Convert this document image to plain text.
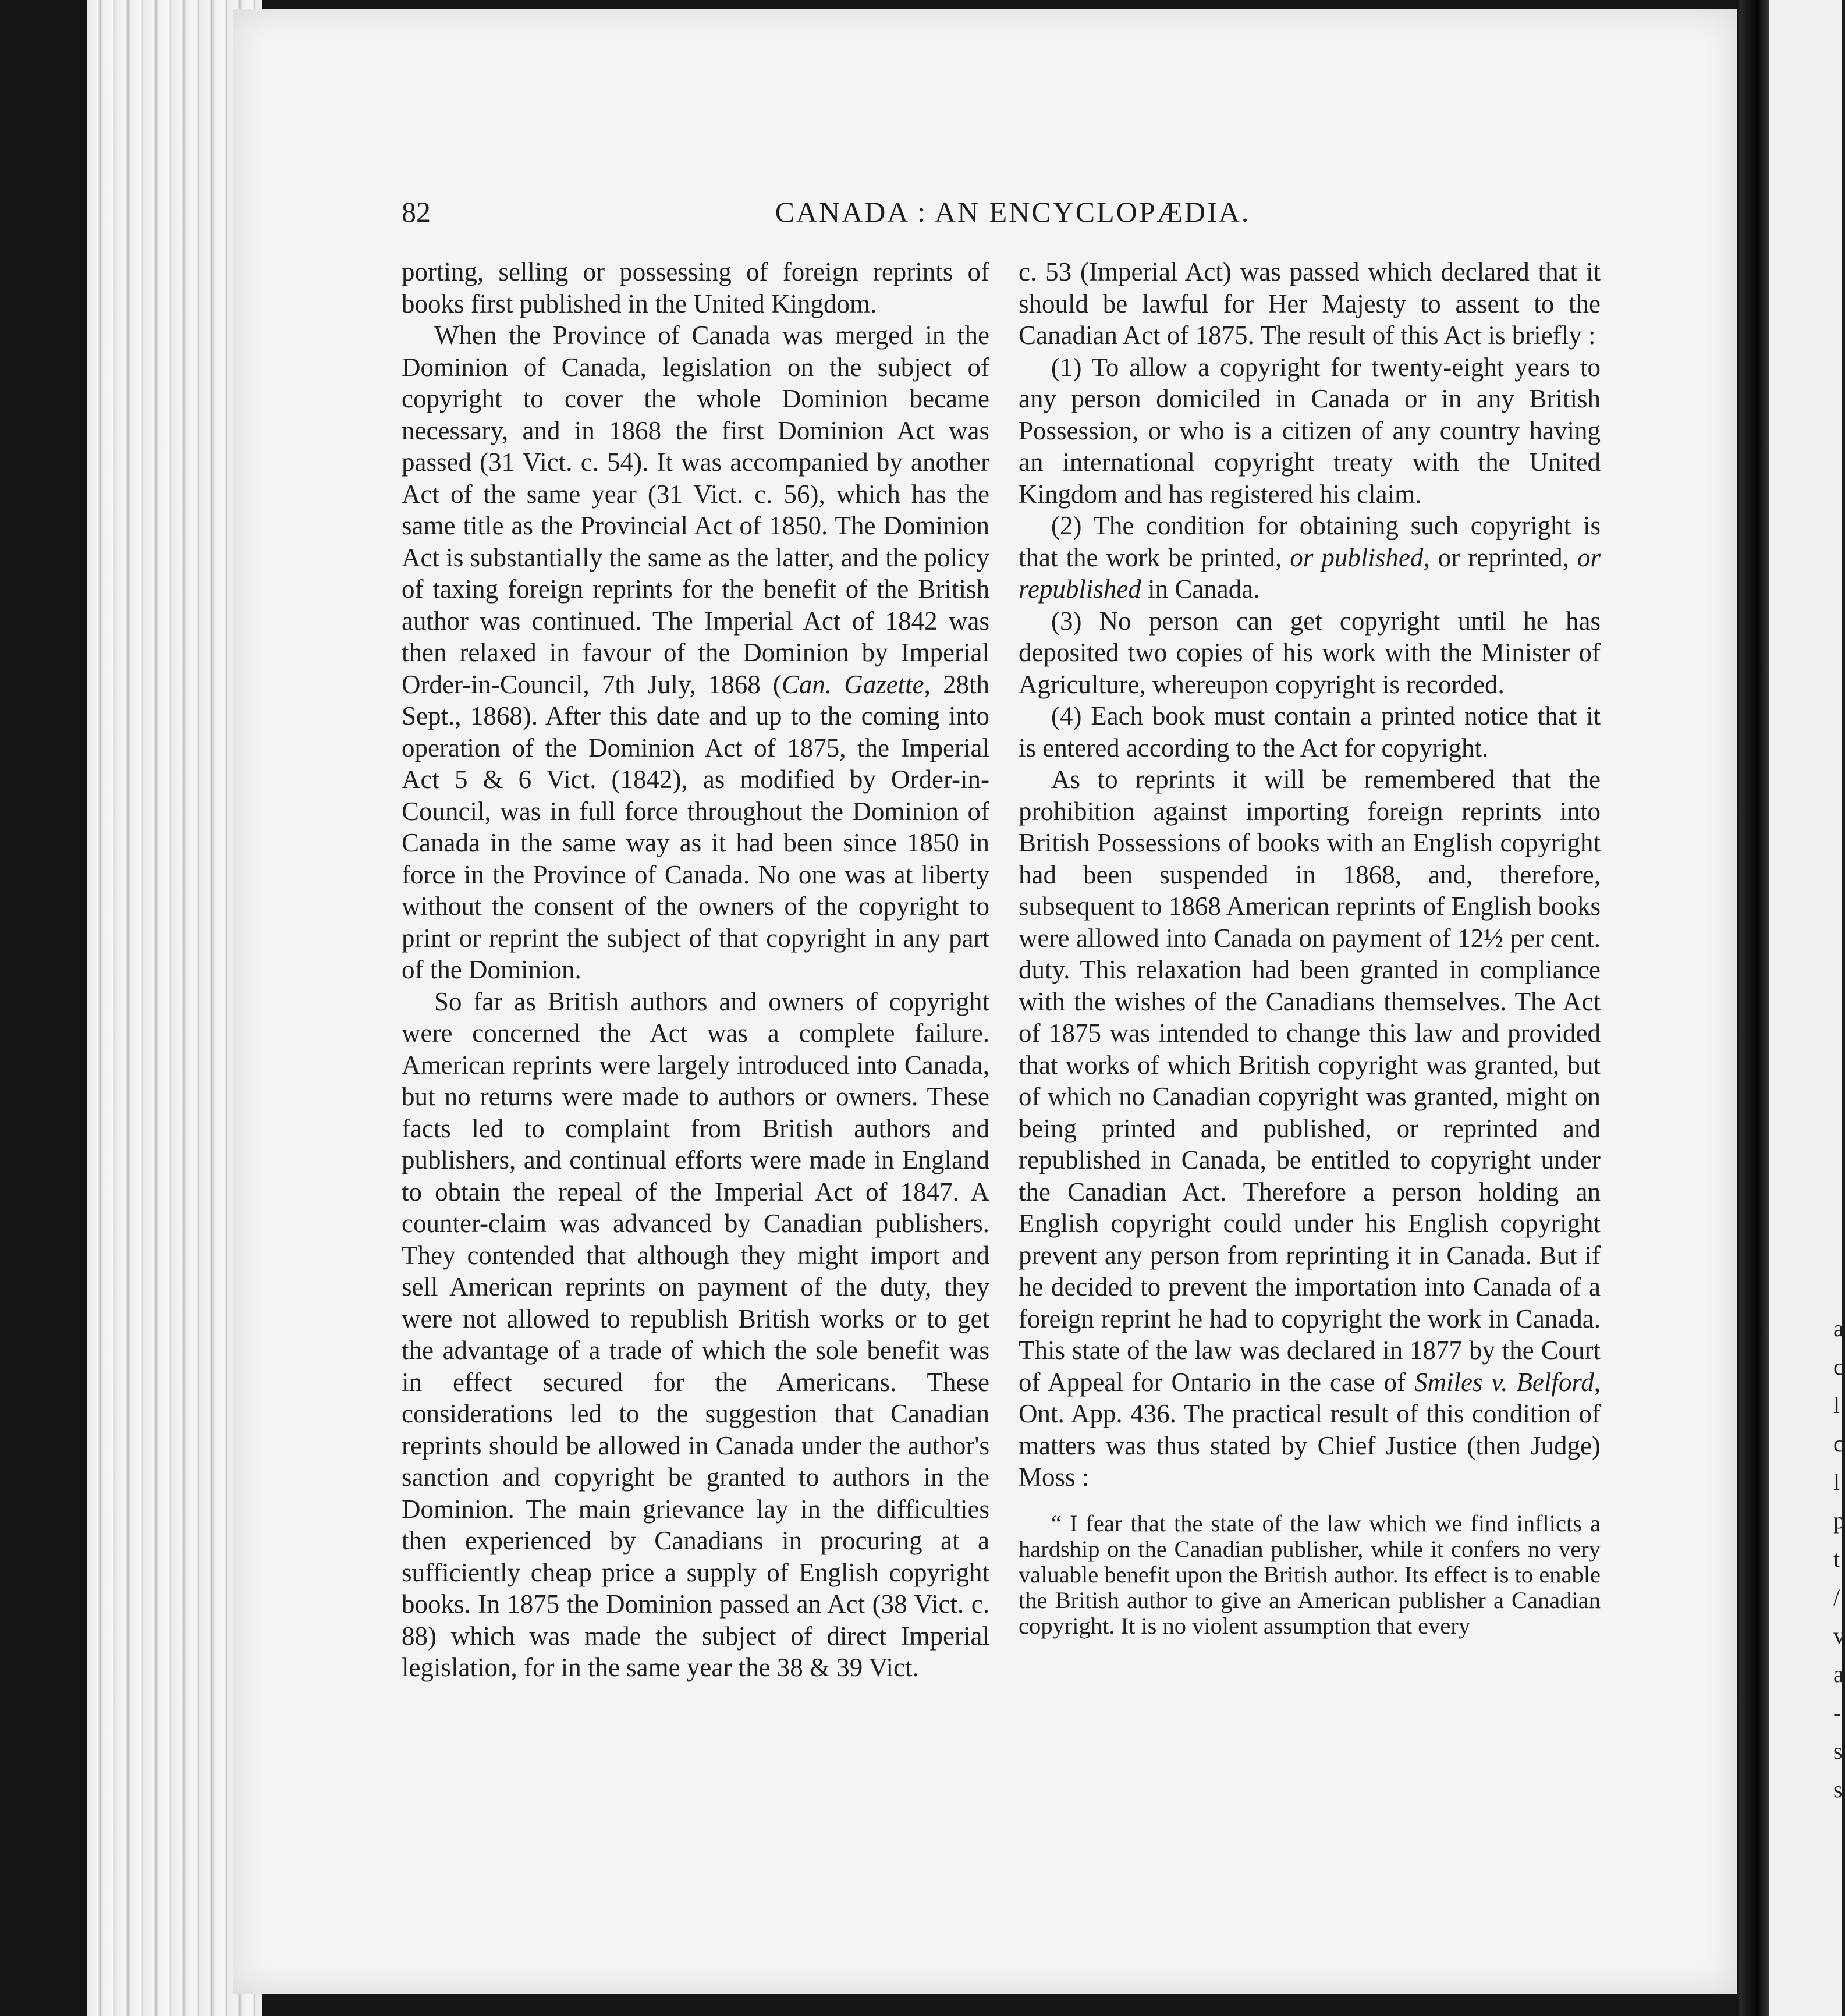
a c l c l p t / v a - s s
82	CANADA : AN ENCYCLOPÆDIA.

porting, selling or possessing of foreign reprints of books first published in the United Kingdom.

When the Province of Canada was merged in the Dominion of Canada, legislation on the subject of copyright to cover the whole Dominion became necessary, and in 1868 the first Dominion Act was passed (31 Vict. c. 54). It was accompanied by another Act of the same year (31 Vict. c. 56), which has the same title as the Provincial Act of 1850. The Dominion Act is substantially the same as the latter, and the policy of taxing foreign reprints for the benefit of the British author was continued. The Imperial Act of 1842 was then relaxed in favour of the Dominion by Imperial Order-in-Council, 7th July, 1868 (Can. Gazette, 28th Sept., 1868). After this date and up to the coming into operation of the Dominion Act of 1875, the Imperial Act 5 & 6 Vict. (1842), as modified by Order-in-Council, was in full force throughout the Dominion of Canada in the same way as it had been since 1850 in force in the Province of Canada. No one was at liberty without the consent of the owners of the copyright to print or reprint the subject of that copyright in any part of the Dominion.

So far as British authors and owners of copyright were concerned the Act was a complete failure. American reprints were largely introduced into Canada, but no returns were made to authors or owners. These facts led to complaint from British authors and publishers, and continual efforts were made in England to obtain the repeal of the Imperial Act of 1847. A counter-claim was advanced by Canadian publishers. They contended that although they might import and sell American reprints on payment of the duty, they were not allowed to republish British works or to get the advantage of a trade of which the sole benefit was in effect secured for the Americans. These considerations led to the suggestion that Canadian reprints should be allowed in Canada under the author's sanction and copyright be granted to authors in the Dominion. The main grievance lay in the difficulties then experienced by Canadians in procuring at a sufficiently cheap price a supply of English copyright books. In 1875 the Dominion passed an Act (38 Vict. c. 88) which was made the subject of direct Imperial legislation, for in the same year the 38 & 39 Vict.

c. 53 (Imperial Act) was passed which declared that it should be lawful for Her Majesty to assent to the Canadian Act of 1875. The result of this Act is briefly :

(1) To allow a copyright for twenty-eight years to any person domiciled in Canada or in any British Possession, or who is a citizen of any country having an international copyright treaty with the United Kingdom and has registered his claim.

(2) The condition for obtaining such copyright is that the work be printed, or published, or reprinted, or republished in Canada.

(3) No person can get copyright until he has deposited two copies of his work with the Minister of Agriculture, whereupon copyright is recorded.

(4) Each book must contain a printed notice that it is entered according to the Act for copyright.

As to reprints it will be remembered that the prohibition against importing foreign reprints into British Possessions of books with an English copyright had been suspended in 1868, and, therefore, subsequent to 1868 American reprints of English books were allowed into Canada on payment of 12½ per cent. duty. This relaxation had been granted in compliance with the wishes of the Canadians themselves. The Act of 1875 was intended to change this law and provided that works of which British copyright was granted, but of which no Canadian copyright was granted, might on being printed and published, or reprinted and republished in Canada, be entitled to copyright under the Canadian Act. Therefore a person holding an English copyright could under his English copyright prevent any person from reprinting it in Canada. But if he decided to prevent the importation into Canada of a foreign reprint he had to copyright the work in Canada. This state of the law was declared in 1877 by the Court of Appeal for Ontario in the case of Smiles v. Belford, Ont. App. 436. The practical result of this condition of matters was thus stated by Chief Justice (then Judge) Moss :

“ I fear that the state of the law which we find inflicts a hardship on the Canadian publisher, while it confers no very valuable benefit upon the British author. Its effect is to enable the British author to give an American publisher a Canadian copyright. It is no violent assumption that every
